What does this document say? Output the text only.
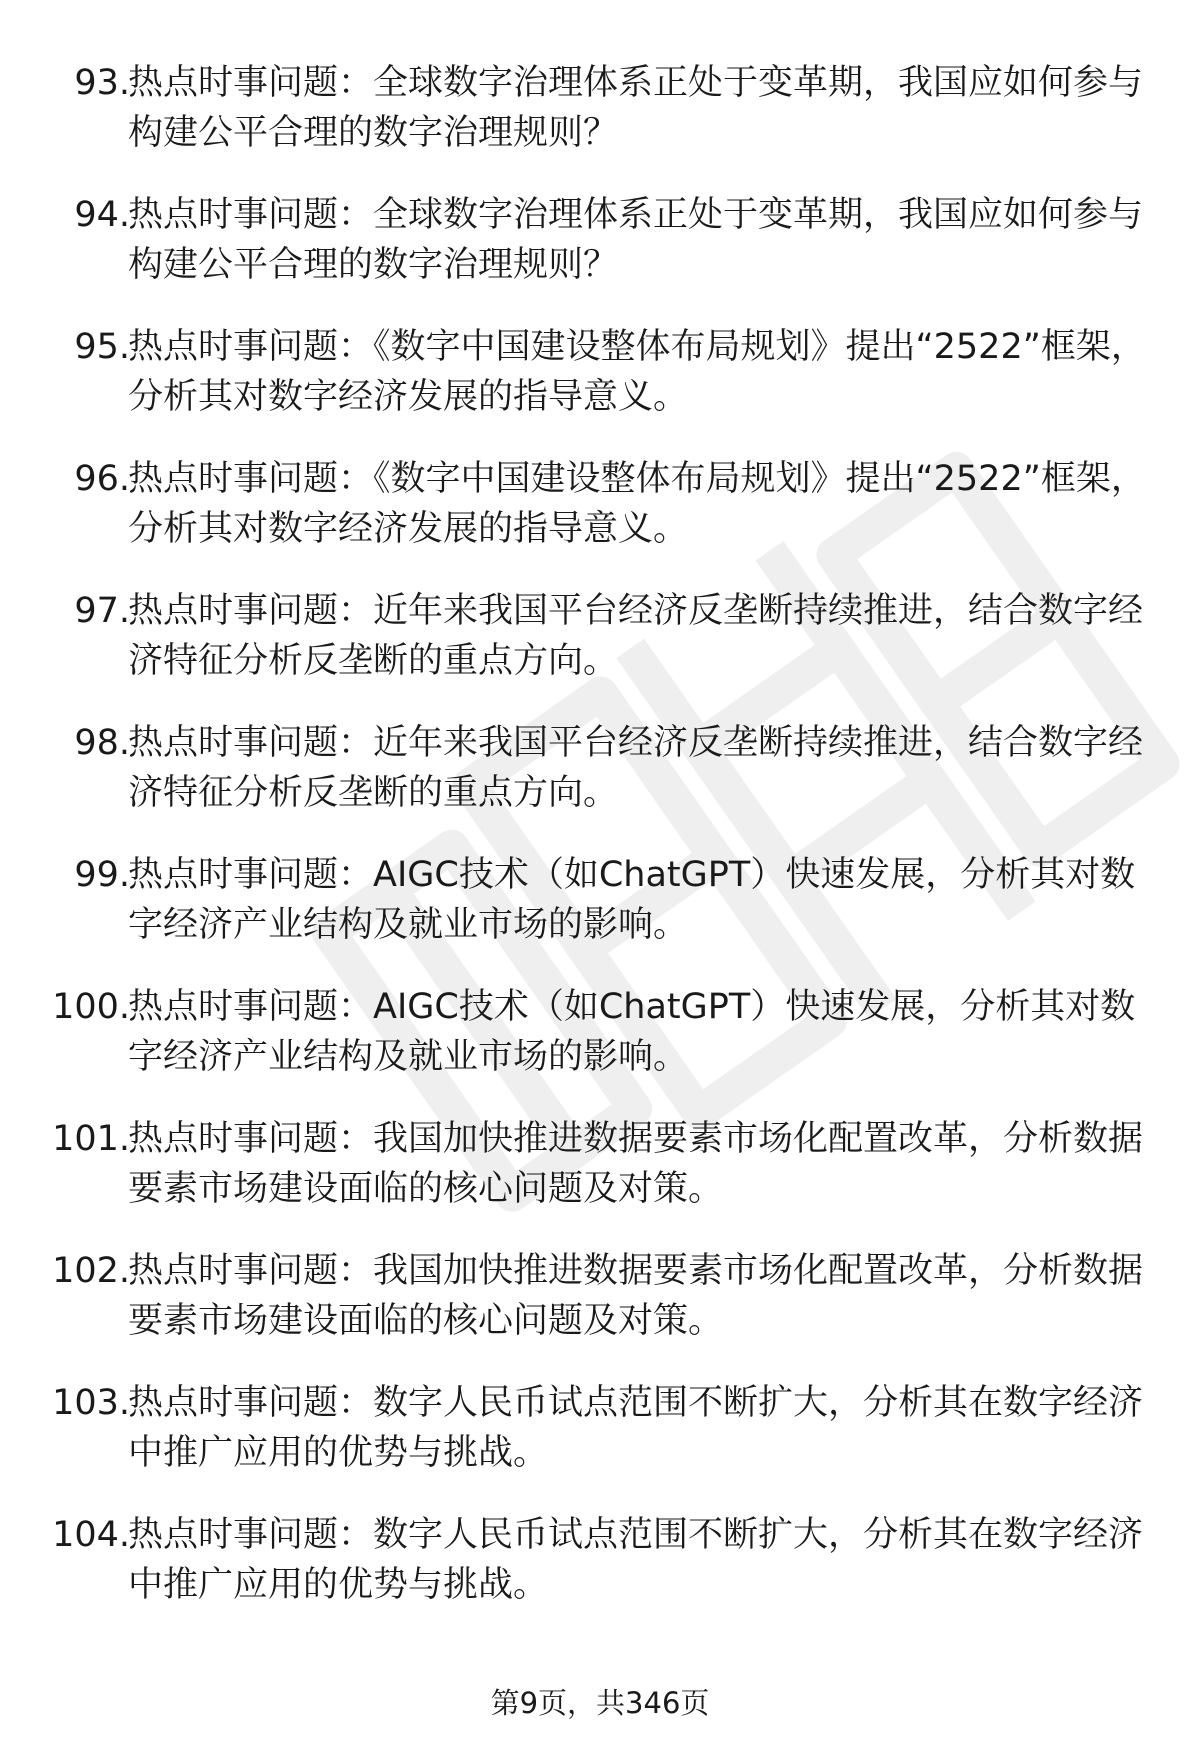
93.
热点时事问题：全球数字治理体系正处于变革期，我国应如何参与构建公平合理的数字治理规则？
94.
热点时事问题：全球数字治理体系正处于变革期，我国应如何参与构建公平合理的数字治理规则？
95.
热点时事问题：《数字中国建设整体布局规划》提出“2522”框架，分析其对数字经济发展的指导意义。
96.
热点时事问题：《数字中国建设整体布局规划》提出“2522”框架，分析其对数字经济发展的指导意义。
97.
热点时事问题：近年来我国平台经济反垄断持续推进，结合数字经济特征分析反垄断的重点方向。
98.
热点时事问题：近年来我国平台经济反垄断持续推进，结合数字经济特征分析反垄断的重点方向。
99.
热点时事问题：AIGC技术（如ChatGPT）快速发展，分析其对数字经济产业结构及就业市场的影响。
100.
热点时事问题：AIGC技术（如ChatGPT）快速发展，分析其对数字经济产业结构及就业市场的影响。
101.
热点时事问题：我国加快推进数据要素市场化配置改革，分析数据要素市场建设面临的核心问题及对策。
102.
热点时事问题：我国加快推进数据要素市场化配置改革，分析数据要素市场建设面临的核心问题及对策。
103.
热点时事问题：数字人民币试点范围不断扩大，分析其在数字经济中推广应用的优势与挑战。
104.
热点时事问题：数字人民币试点范围不断扩大，分析其在数字经济中推广应用的优势与挑战。
第9页，共346页
